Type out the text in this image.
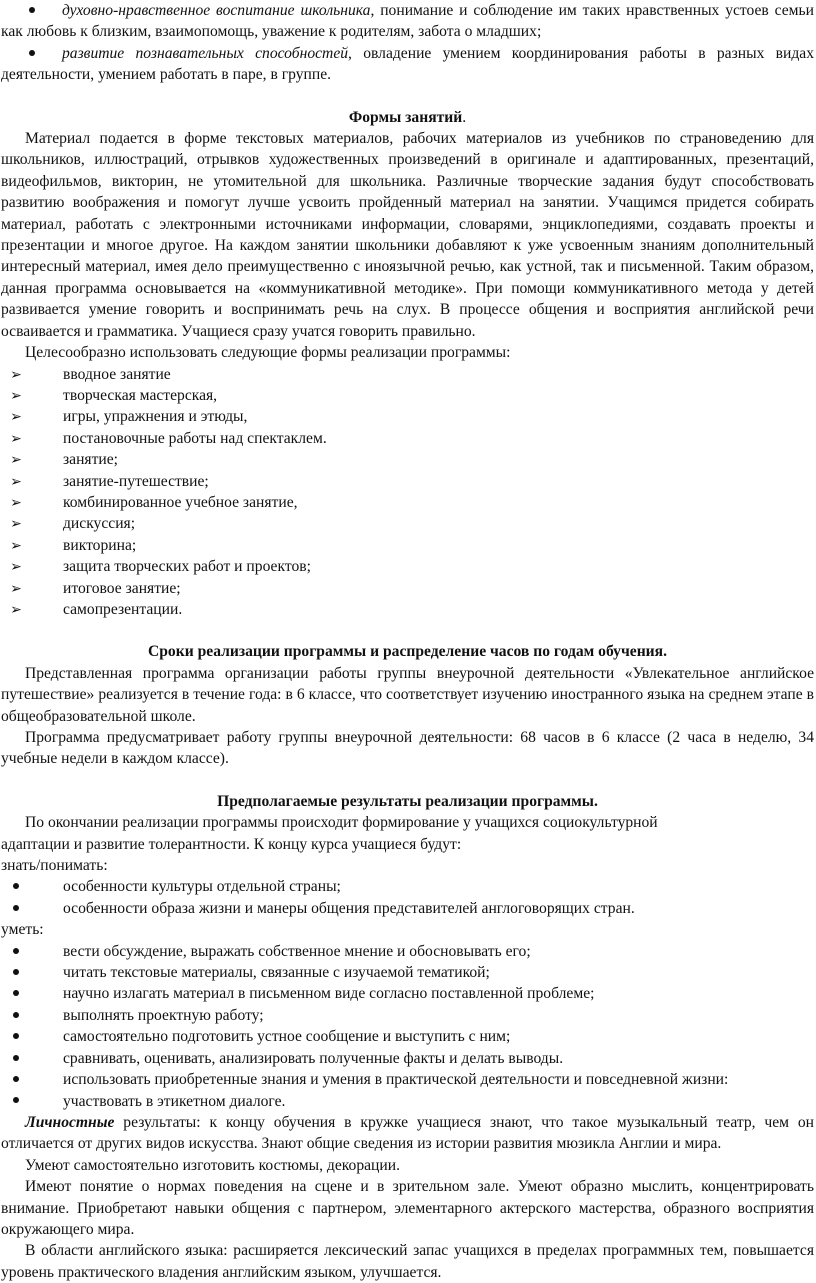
духовно-нравственное воспитание школьника, понимание и соблюдение им таких нравственных устоев семьи как любовь к близким, взаимопомощь, уважение к родителям, забота о младших;

развитие познавательных способностей, овладение умением координирования работы в разных видах деятельности, умением работать в паре, в группе.

Формы занятий.

Материал подается в форме текстовых материалов, рабочих материалов из учебников по страноведению для школьников, иллюстраций, отрывков художественных произведений в оригинале и адаптированных, презентаций, видеофильмов, викторин, не утомительной для школьника. Различные творческие задания будут способствовать развитию воображения и помогут лучше усвоить пройденный материал на занятии. Учащимся придется собирать материал, работать с электронными источниками информации, словарями, энциклопедиями, создавать проекты и презентации и многое другое. На каждом занятии школьники добавляют к уже усвоенным знаниям дополнительный интересный материал, имея дело преимущественно с иноязычной речью, как устной, так и письменной. Таким образом, данная программа основывается на «коммуникативной методике». При помощи коммуникативного метода у детей развивается умение говорить и воспринимать речь на слух. В процессе общения и восприятия английской речи осваивается и грамматика. Учащиеся сразу учатся говорить правильно.

Целесообразно использовать следующие формы реализации программы:

➢	вводное занятие

➢	творческая мастерская,

➢	игры, упражнения и этюды,

➢	постановочные работы над спектаклем.

➢	занятие;

➢	занятие-путешествие;

➢	комбинированное учебное занятие,

➢	дискуссия;

➢	викторина;

➢	защита творческих работ и проектов;

➢	итоговое занятие;

➢	самопрезентации.

Сроки реализации программы и распределение часов по годам обучения.

Представленная программа организации работы группы внеурочной деятельности «Увлекательное английское путешествие» реализуется в течение года: в 6 классе, что соответствует изучению иностранного языка на среднем этапе в общеобразовательной школе.

Программа предусматривает работу группы внеурочной деятельности: 68 часов в 6 классе (2 часа в неделю, 34 учебные недели в каждом классе).

Предполагаемые результаты реализации программы.

По окончании реализации программы происходит формирование у учащихся социокультурной

адаптации и развитие толерантности. К концу курса учащиеся будут:

знать/понимать:

особенности культуры отдельной страны;

особенности образа жизни и манеры общения представителей англоговорящих стран.

уметь:

вести обсуждение, выражать собственное мнение и обосновывать его;

читать текстовые материалы, связанные с изучаемой тематикой;

научно излагать материал в письменном виде согласно поставленной проблеме;

выполнять проектную работу;

самостоятельно подготовить устное сообщение и выступить с ним;

сравнивать, оценивать, анализировать полученные факты и делать выводы.

использовать приобретенные знания и умения в практической деятельности и повседневной жизни:

участвовать в этикетном диалоге.

Личностные результаты: к концу обучения в кружке учащиеся знают, что такое музыкальный театр, чем он отличается от других видов искусства. Знают общие сведения из истории развития мюзикла Англии и мира.

Умеют самостоятельно изготовить костюмы, декорации.

Имеют понятие о нормах поведения на сцене и в зрительном зале. Умеют образно мыслить, концентрировать внимание. Приобретают навыки общения с партнером, элементарного актерского мастерства, образного восприятия окружающего мира.

В области английского языка: расширяется лексический запас учащихся в пределах программных тем, повышается уровень практического владения английским языком, улучшается.
